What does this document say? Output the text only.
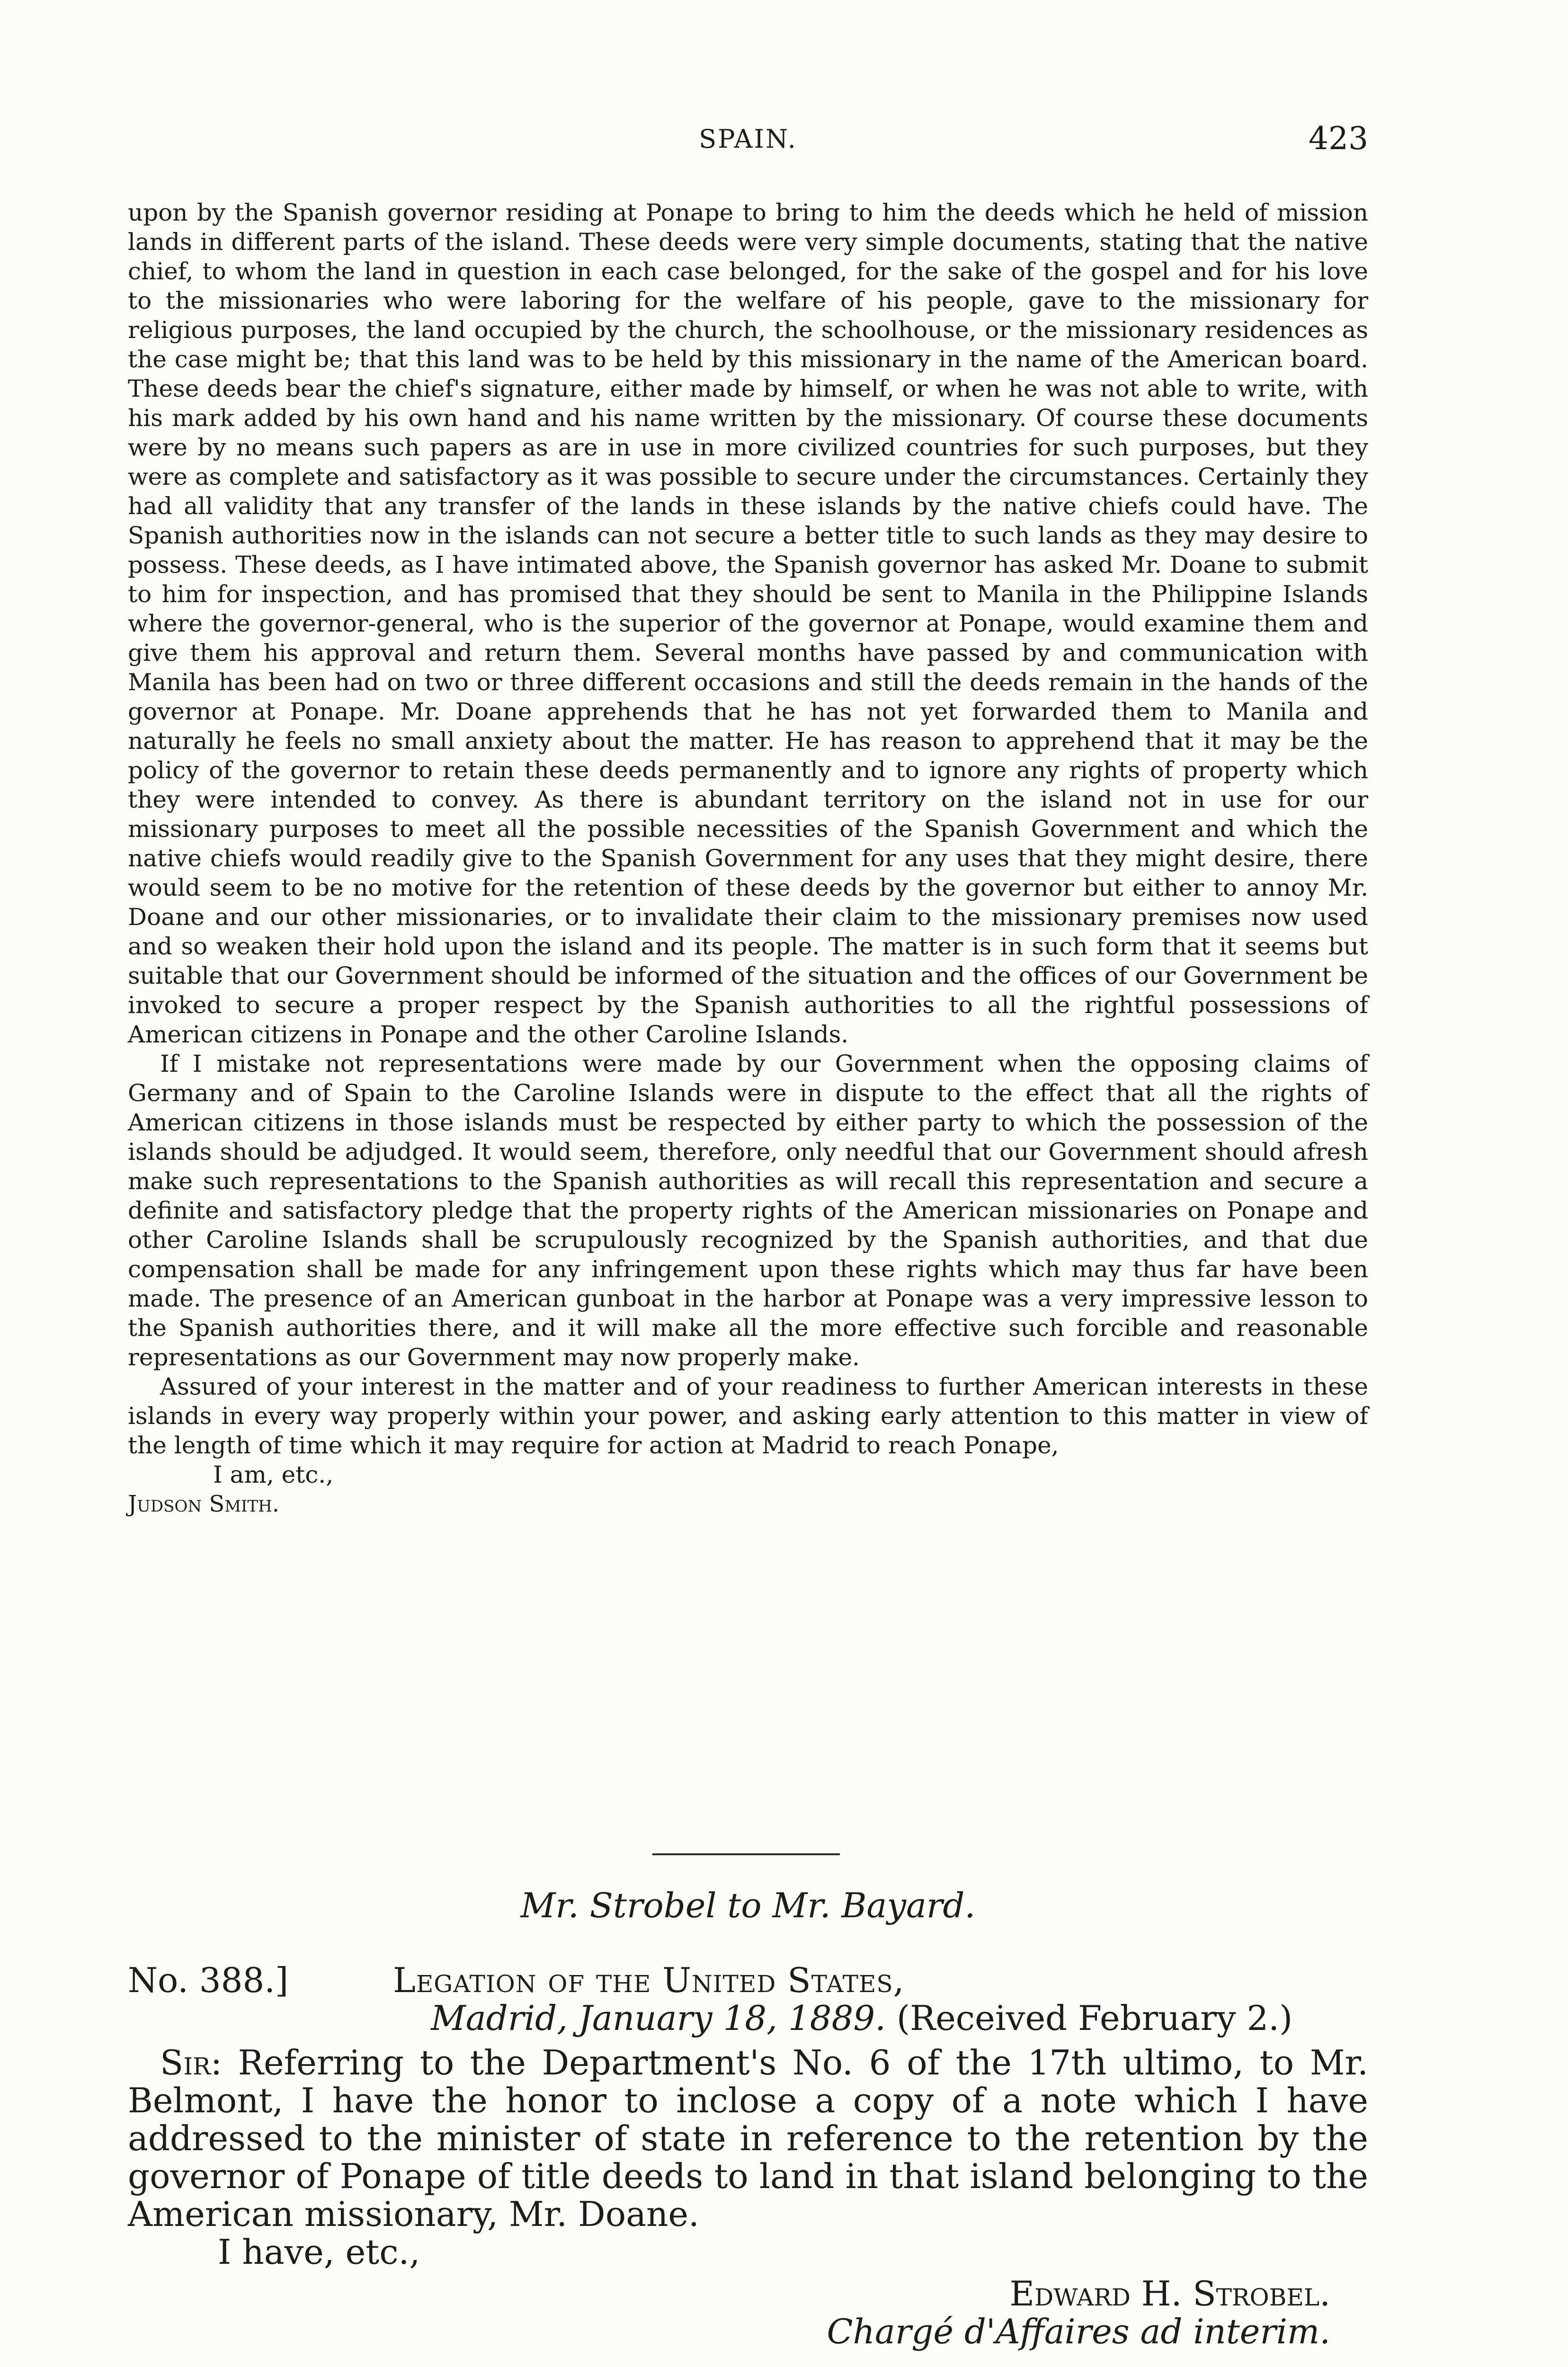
SPAIN.	423

upon by the Spanish governor residing at Ponape to bring to him the deeds which he held of mission lands in different parts of the island. These deeds were very simple documents, stating that the native chief, to whom the land in question in each case belonged, for the sake of the gospel and for his love to the missionaries who were laboring for the welfare of his people, gave to the missionary for religious purposes, the land occupied by the church, the schoolhouse, or the missionary residences as the case might be; that this land was to be held by this missionary in the name of the American board. These deeds bear the chief's signature, either made by himself, or when he was not able to write, with his mark added by his own hand and his name written by the missionary. Of course these documents were by no means such papers as are in use in more civilized countries for such purposes, but they were as complete and satisfactory as it was possible to secure under the circumstances. Certainly they had all validity that any transfer of the lands in these islands by the native chiefs could have. The Spanish authorities now in the islands can not secure a better title to such lands as they may desire to possess. These deeds, as I have intimated above, the Spanish governor has asked Mr. Doane to submit to him for inspection, and has promised that they should be sent to Manila in the Philippine Islands where the governor-general, who is the superior of the governor at Ponape, would examine them and give them his approval and return them. Several months have passed by and communication with Manila has been had on two or three different occasions and still the deeds remain in the hands of the governor at Ponape. Mr. Doane apprehends that he has not yet forwarded them to Manila and naturally he feels no small anxiety about the matter. He has reason to apprehend that it may be the policy of the governor to retain these deeds permanently and to ignore any rights of property which they were intended to convey. As there is abundant territory on the island not in use for our missionary purposes to meet all the possible necessities of the Spanish Government and which the native chiefs would readily give to the Spanish Government for any uses that they might desire, there would seem to be no motive for the retention of these deeds by the governor but either to annoy Mr. Doane and our other missionaries, or to invalidate their claim to the missionary premises now used and so weaken their hold upon the island and its people. The matter is in such form that it seems but suitable that our Government should be informed of the situation and the offices of our Government be invoked to secure a proper respect by the Spanish authorities to all the rightful possessions of American citizens in Ponape and the other Caroline Islands.

If I mistake not representations were made by our Government when the opposing claims of Germany and of Spain to the Caroline Islands were in dispute to the effect that all the rights of American citizens in those islands must be respected by either party to which the possession of the islands should be adjudged. It would seem, therefore, only needful that our Government should afresh make such representations to the Spanish authorities as will recall this representation and secure a definite and satisfactory pledge that the property rights of the American missionaries on Ponape and other Caroline Islands shall be scrupulously recognized by the Spanish authorities, and that due compensation shall be made for any infringement upon these rights which may thus far have been made. The presence of an American gunboat in the harbor at Ponape was a very impressive lesson to the Spanish authorities there, and it will make all the more effective such forcible and reasonable representations as our Government may now properly make.

Assured of your interest in the matter and of your readiness to further American interests in these islands in every way properly within your power, and asking early attention to this matter in view of the length of time which it may require for action at Madrid to reach Ponape,

I am, etc.,

Judson Smith.

Mr. Strobel to Mr. Bayard.

No. 388.]	Legation of the United States,

Madrid, January 18, 1889. (Received February 2.)

Sir: Referring to the Department's No. 6 of the 17th ultimo, to Mr. Belmont, I have the honor to inclose a copy of a note which I have addressed to the minister of state in reference to the retention by the governor of Ponape of title deeds to land in that island belonging to the American missionary, Mr. Doane.

I have, etc.,

Edward H. Strobel.

Chargé d'Affaires ad interim.
